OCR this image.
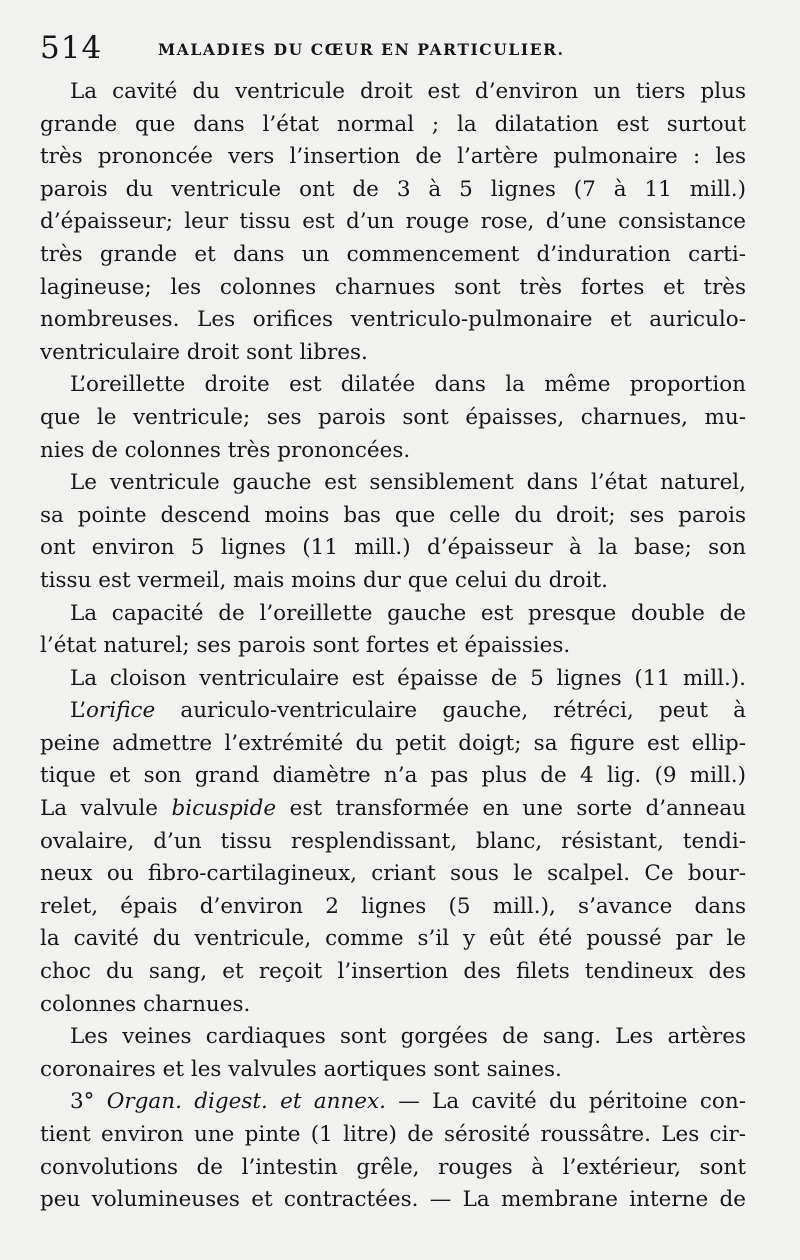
514	MALADIES DU CŒUR EN PARTICULIER.
La cavité du ventricule droit est d’environ un tiers plus
grande que dans l’état normal ; la dilatation est surtout
très prononcée vers l’insertion de l’artère pulmonaire : les
parois du ventricule ont de 3 à 5 lignes (7 à 11 mill.)
d’épaisseur; leur tissu est d’un rouge rose, d’une consistance
très grande et dans un commencement d’induration carti-
lagineuse; les colonnes charnues sont très fortes et très
nombreuses. Les orifices ventriculo-pulmonaire et auriculo-
ventriculaire droit sont libres.
L’oreillette droite est dilatée dans la même proportion
que le ventricule; ses parois sont épaisses, charnues, mu-
nies de colonnes très prononcées.
Le ventricule gauche est sensiblement dans l’état naturel,
sa pointe descend moins bas que celle du droit; ses parois
ont environ 5 lignes (11 mill.) d’épaisseur à la base; son
tissu est vermeil, mais moins dur que celui du droit.
La capacité de l’oreillette gauche est presque double de
l’état naturel; ses parois sont fortes et épaissies.
La cloison ventriculaire est épaisse de 5 lignes (11 mill.).
L’orifice auriculo-ventriculaire gauche, rétréci, peut à
peine admettre l’extrémité du petit doigt; sa figure est ellip-
tique et son grand diamètre n’a pas plus de 4 lig. (9 mill.)
La valvule bicuspide est transformée en une sorte d’anneau
ovalaire, d’un tissu resplendissant, blanc, résistant, tendi-
neux ou fibro-cartilagineux, criant sous le scalpel. Ce bour-
relet, épais d’environ 2 lignes (5 mill.), s’avance dans
la cavité du ventricule, comme s’il y eût été poussé par le
choc du sang, et reçoit l’insertion des filets tendineux des
colonnes charnues.
Les veines cardiaques sont gorgées de sang. Les artères
coronaires et les valvules aortiques sont saines.
3° Organ. digest. et annex. — La cavité du péritoine con-
tient environ une pinte (1 litre) de sérosité roussâtre. Les cir-
convolutions de l’intestin grêle, rouges à l’extérieur, sont
peu volumineuses et contractées. — La membrane interne de
